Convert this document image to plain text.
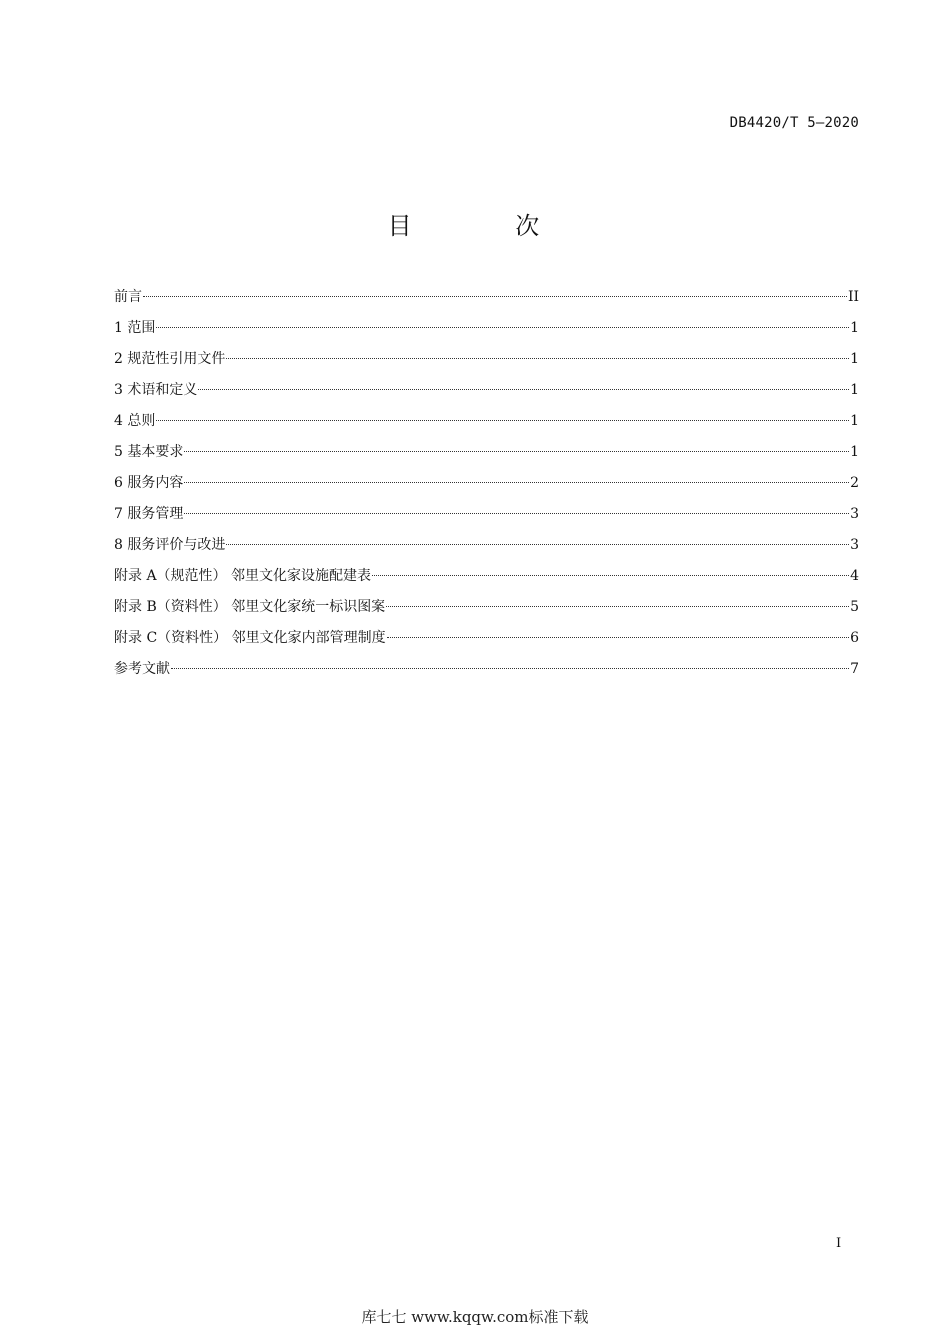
DB4420/T 5—2020
目 次
前言	II
1 范围	1
2 规范性引用文件	1
3 术语和定义	1
4 总则	1
5 基本要求	1
6 服务内容	2
7 服务管理	3
8 服务评价与改进	3
附录 A（规范性） 邻里文化家设施配建表	4
附录 B（资料性） 邻里文化家统一标识图案	5
附录 C（资料性） 邻里文化家内部管理制度	6
参考文献	7
I
库七七 www.kqqw.com标准下载
